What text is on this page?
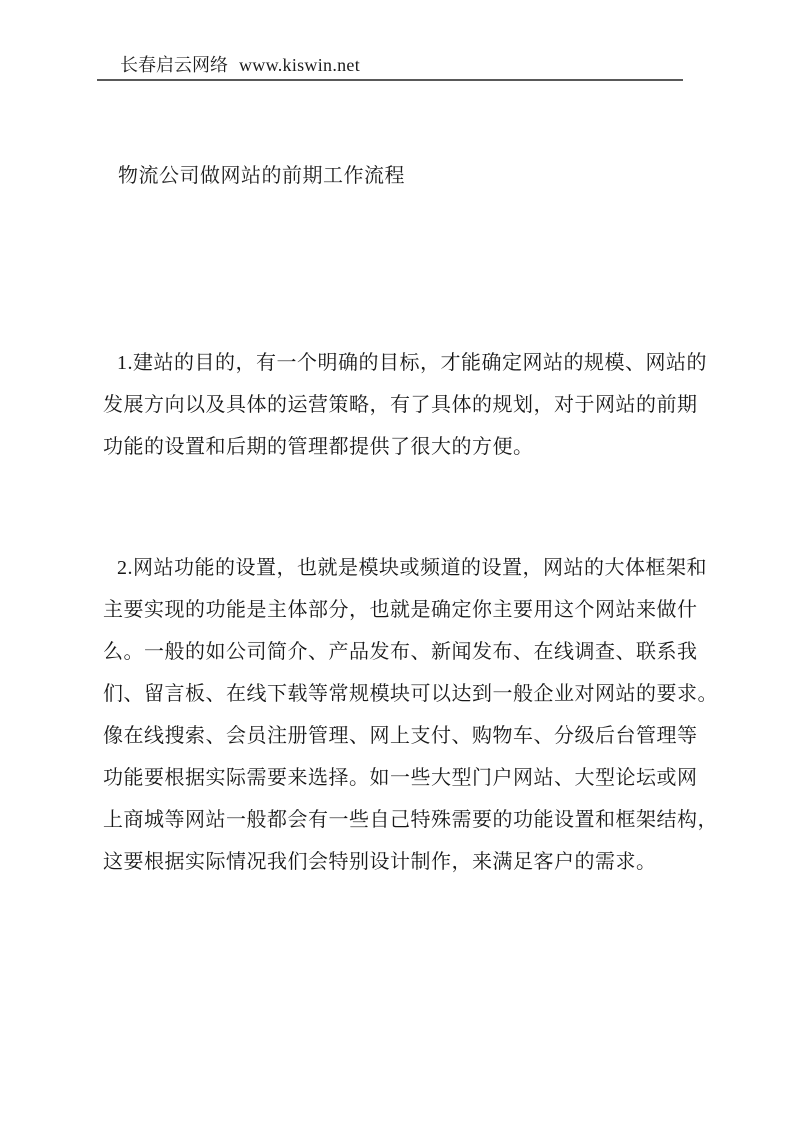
长春启云网络 www.kiswin.net
物流公司做网站的前期工作流程
1.建站的目的，有一个明确的目标，才能确定网站的规模、网站的
发展方向以及具体的运营策略，有了具体的规划，对于网站的前期
功能的设置和后期的管理都提供了很大的方便。
2.网站功能的设置，也就是模块或频道的设置，网站的大体框架和
主要实现的功能是主体部分，也就是确定你主要用这个网站来做什
么。一般的如公司简介、产品发布、新闻发布、在线调查、联系我
们、留言板、在线下载等常规模块可以达到一般企业对网站的要求。
像在线搜索、会员注册管理、网上支付、购物车、分级后台管理等
功能要根据实际需要来选择。如一些大型门户网站、大型论坛或网
上商城等网站一般都会有一些自己特殊需要的功能设置和框架结构，
这要根据实际情况我们会特别设计制作，来满足客户的需求。
